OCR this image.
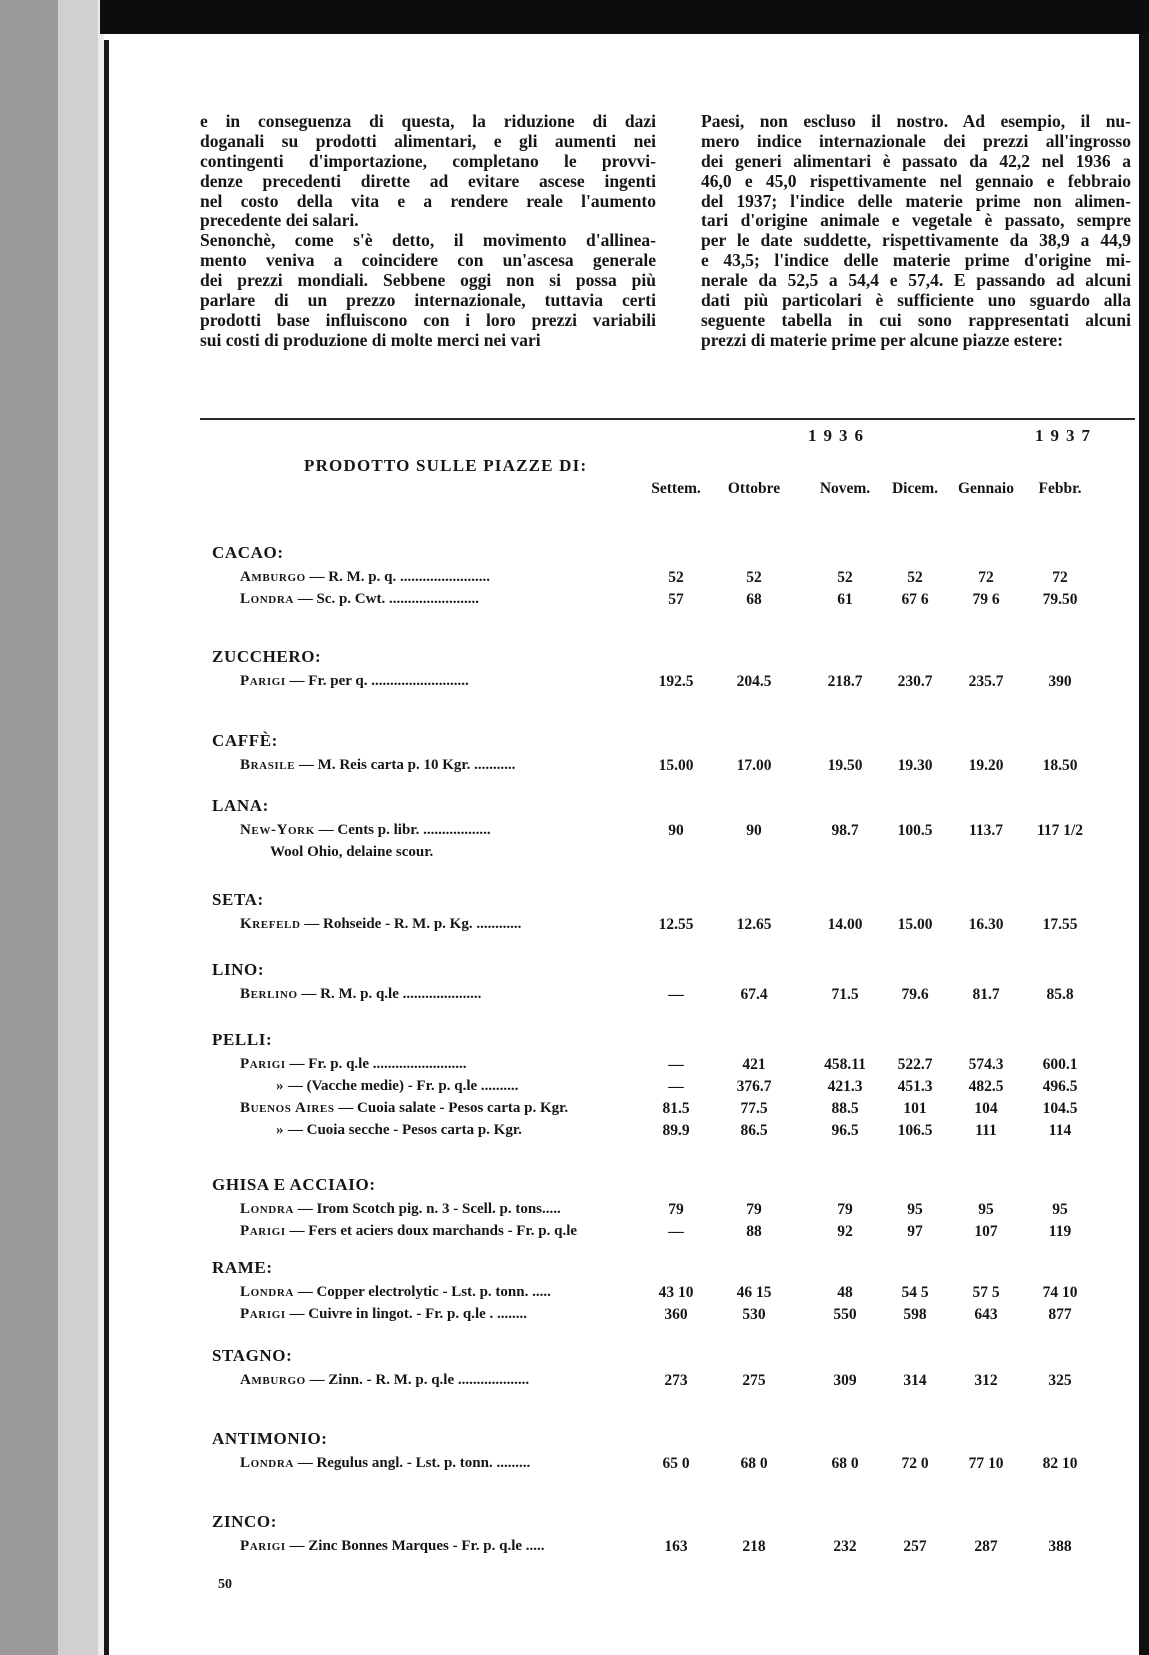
e in conseguenza di questa, la riduzione di dazi
doganali su prodotti alimentari, e gli aumenti nei
contingenti d'importazione, completano le provvi-
denze precedenti dirette ad evitare ascese ingenti
nel costo della vita e a rendere reale l'aumento
precedente dei salari.
Senonchè, come s'è detto, il movimento d'allinea-
mento veniva a coincidere con un'ascesa generale
dei prezzi mondiali. Sebbene oggi non si possa più
parlare di un prezzo internazionale, tuttavia certi
prodotti base influiscono con i loro prezzi variabili
sui costi di produzione di molte merci nei vari
Paesi, non escluso il nostro. Ad esempio, il nu-
mero indice internazionale dei prezzi all'ingrosso
dei generi alimentari è passato da 42,2 nel 1936 a
46,0 e 45,0 rispettivamente nel gennaio e febbraio
del 1937; l'indice delle materie prime non alimen-
tari d'origine animale e vegetale è passato, sempre
per le date suddette, rispettivamente da 38,9 a 44,9
e 43,5; l'indice delle materie prime d'origine mi-
nerale da 52,5 a 54,4 e 57,4. E passando ad alcuni
dati più particolari è sufficiente uno sguardo alla
seguente tabella in cui sono rappresentati alcuni
prezzi di materie prime per alcune piazze estere:
PRODOTTO SULLE PIAZZE DI:
1936	1937
Settem.	Ottobre	Novem.	Dicem.	Gennaio	Febbr.
CACAO:
Amburgo — R. M. p. q. ........................	52	52	52	52	72	72
Londra — Sc. p. Cwt. ........................	57	68	61	67 6	79 6	79.50
ZUCCHERO:
Parigi — Fr. per q. ..........................	192.5	204.5	218.7	230.7	235.7	390
CAFFÈ:
Brasile — M. Reis carta p. 10 Kgr. ...........	15.00	17.00	19.50	19.30	19.20	18.50
LANA:
New-York — Cents p. libr. ..................	90	90	98.7	100.5	113.7	117 1/2
Wool Ohio, delaine scour.
SETA:
Krefeld — Rohseide - R. M. p. Kg. ............	12.55	12.65	14.00	15.00	16.30	17.55
LINO:
Berlino — R. M. p. q.le .....................	—	67.4	71.5	79.6	81.7	85.8
PELLI:
Parigi — Fr. p. q.le .........................	—	421	458.11	522.7	574.3	600.1
» — (Vacche medie) - Fr. p. q.le ..........	—	376.7	421.3	451.3	482.5	496.5
Buenos Aires — Cuoia salate - Pesos carta p. Kgr.	81.5	77.5	88.5	101	104	104.5
» — Cuoia secche - Pesos carta p. Kgr.	89.9	86.5	96.5	106.5	111	114
GHISA E ACCIAIO:
Londra — Irom Scotch pig. n. 3 - Scell. p. tons.....	79	79	79	95	95	95
Parigi — Fers et aciers doux marchands - Fr. p. q.le	—	88	92	97	107	119
RAME:
Londra — Copper electrolytic - Lst. p. tonn. .....	43 10	46 15	48	54 5	57 5	74 10
Parigi — Cuivre in lingot. - Fr. p. q.le . ........	360	530	550	598	643	877
STAGNO:
Amburgo — Zinn. - R. M. p. q.le ...................	273	275	309	314	312	325
ANTIMONIO:
Londra — Regulus angl. - Lst. p. tonn. .........	65 0	68 0	68 0	72 0	77 10	82 10
ZINCO:
Parigi — Zinc Bonnes Marques - Fr. p. q.le .....	163	218	232	257	287	388
50
